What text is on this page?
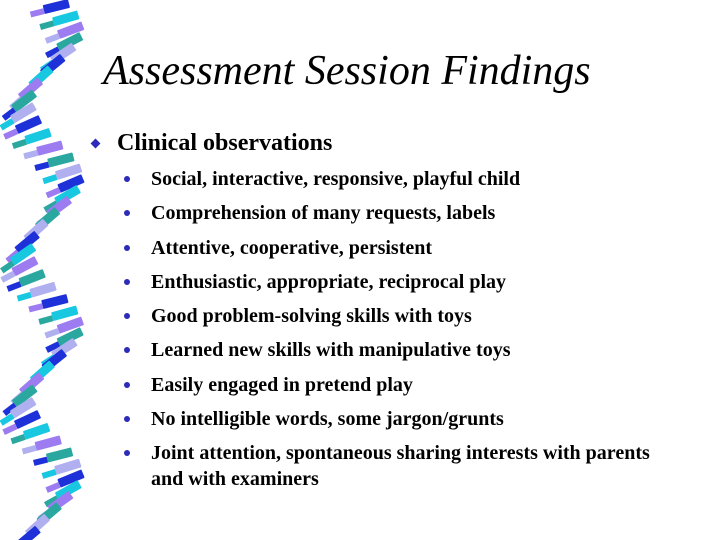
Assessment Session Findings
Clinical observations
Social, interactive, responsive, playful child
Comprehension of many requests, labels
Attentive, cooperative, persistent
Enthusiastic, appropriate, reciprocal play
Good problem-solving skills with toys
Learned new skills with manipulative toys
Easily engaged in pretend play
No intelligible words, some jargon/grunts
Joint attention, spontaneous sharing interests with parents and with examiners
